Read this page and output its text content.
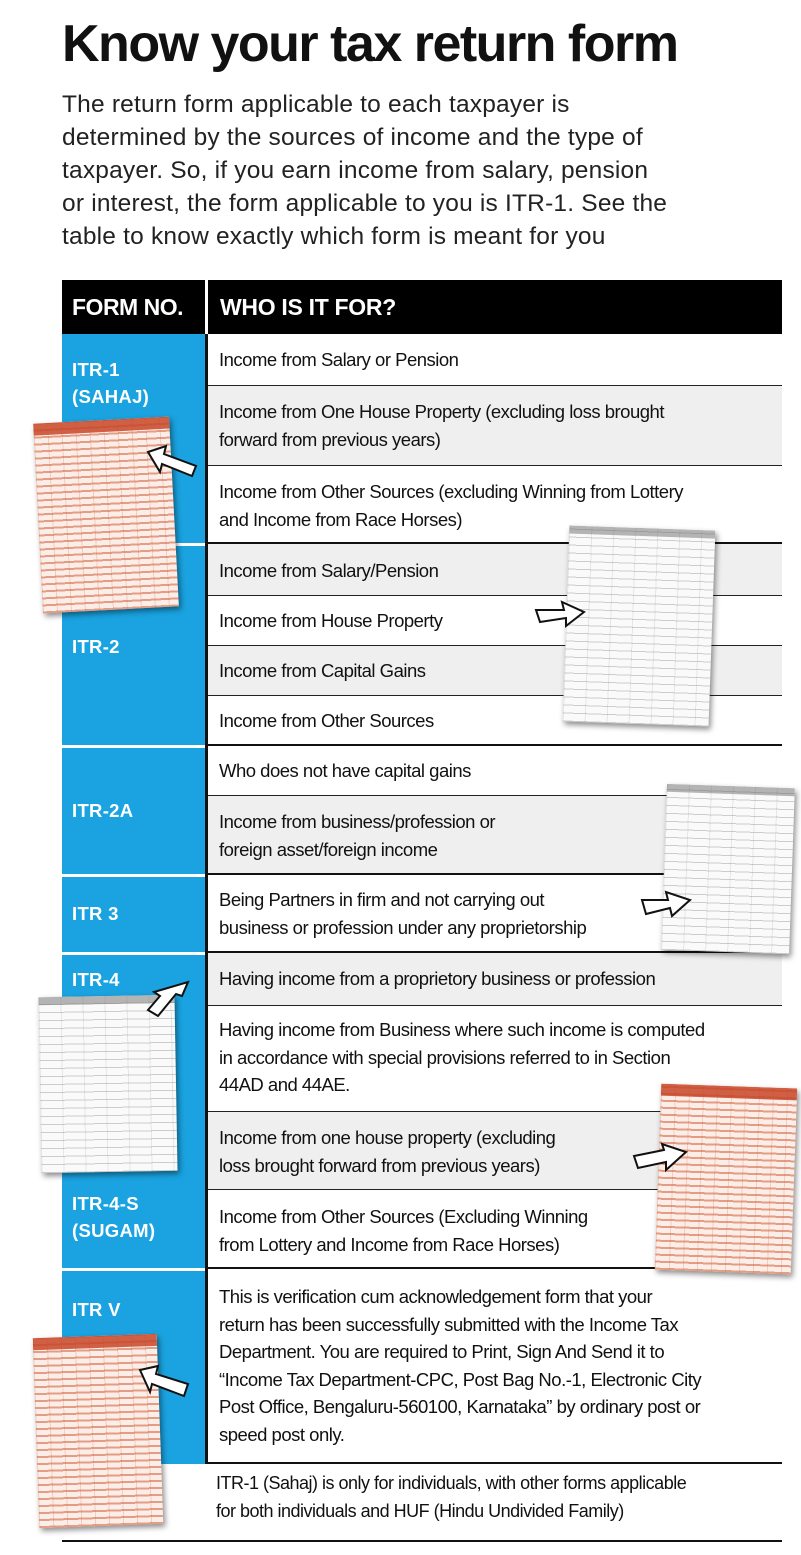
Know your tax return form
The return form applicable to each taxpayer is
determined by the sources of income and the type of
taxpayer. So, if you earn income from salary, pension
or interest, the form applicable to you is ITR-1. See the
table to know exactly which form is meant for you
FORM NO.	WHO IS IT FOR?
ITR-1
(SAHAJ)
ITR-2
ITR-2A
ITR 3
ITR-4
ITR-4-S
(SUGAM)
ITR V
Income from Salary or Pension
Income from One House Property (excluding loss brought
forward from previous years)
Income from Other Sources (excluding Winning from Lottery
and Income from Race Horses)
Income from Salary/Pension
Income from House Property
Income from Capital Gains
Income from Other Sources
Who does not have capital gains
Income from business/profession or
foreign asset/foreign income
Being Partners in firm and not carrying out
business or profession under any proprietorship
Having income from a proprietory business or profession
Having income from Business where such income is computed
in accordance with special provisions referred to in Section
44AD and 44AE.
Income from one house property (excluding
loss brought forward from previous years)
Income from Other Sources (Excluding Winning
from Lottery and Income from Race Horses)
This is verification cum acknowledgement form that your
return has been successfully submitted with the Income Tax
Department. You are required to Print, Sign And Send it to
“Income Tax Department-CPC, Post Bag No.-1, Electronic City
Post Office, Bengaluru-560100, Karnataka” by ordinary post or
speed post only.
ITR-1 (Sahaj) is only for individuals, with other forms applicable
for both individuals and HUF (Hindu Undivided Family)
